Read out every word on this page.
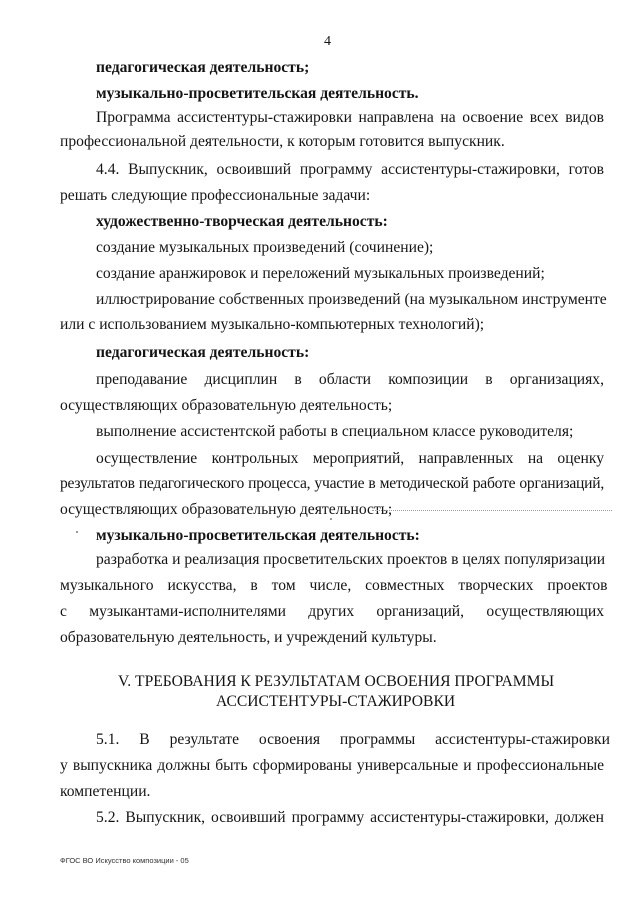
4
педагогическая деятельность;
музыкально-просветительская деятельность.
Программа ассистентуры-стажировки направлена на освоение всех видов
профессиональной деятельности, к которым готовится выпускник.
4.4. Выпускник, освоивший программу ассистентуры-стажировки, готов
решать следующие профессиональные задачи:
художественно-творческая деятельность:
создание музыкальных произведений (сочинение);
создание аранжировок и переложений музыкальных произведений;
иллюстрирование собственных произведений (на музыкальном инструменте
или с использованием музыкально-компьютерных технологий);
педагогическая деятельность:
преподавание дисциплин в области композиции в организациях,
осуществляющих образовательную деятельность;
выполнение ассистентской работы в специальном классе руководителя;
осуществление контрольных мероприятий, направленных на оценку
результатов педагогического процесса, участие в методической работе организаций,
осуществляющих образовательную деятельность;
музыкально-просветительская деятельность:
разработка и реализация просветительских проектов в целях популяризации
музыкального искусства, в том числе, совместных творческих проектов
с музыкантами-исполнителями других организаций, осуществляющих
образовательную деятельность, и учреждений культуры.
V. ТРЕБОВАНИЯ К РЕЗУЛЬТАТАМ ОСВОЕНИЯ ПРОГРАММЫ
АССИСТЕНТУРЫ-СТАЖИРОВКИ
5.1. В результате освоения программы ассистентуры-стажировки
у выпускника должны быть сформированы универсальные и профессиональные
компетенции.
5.2. Выпускник, освоивший программу ассистентуры-стажировки, должен
ФГОС ВО Искусство композиции - 05
